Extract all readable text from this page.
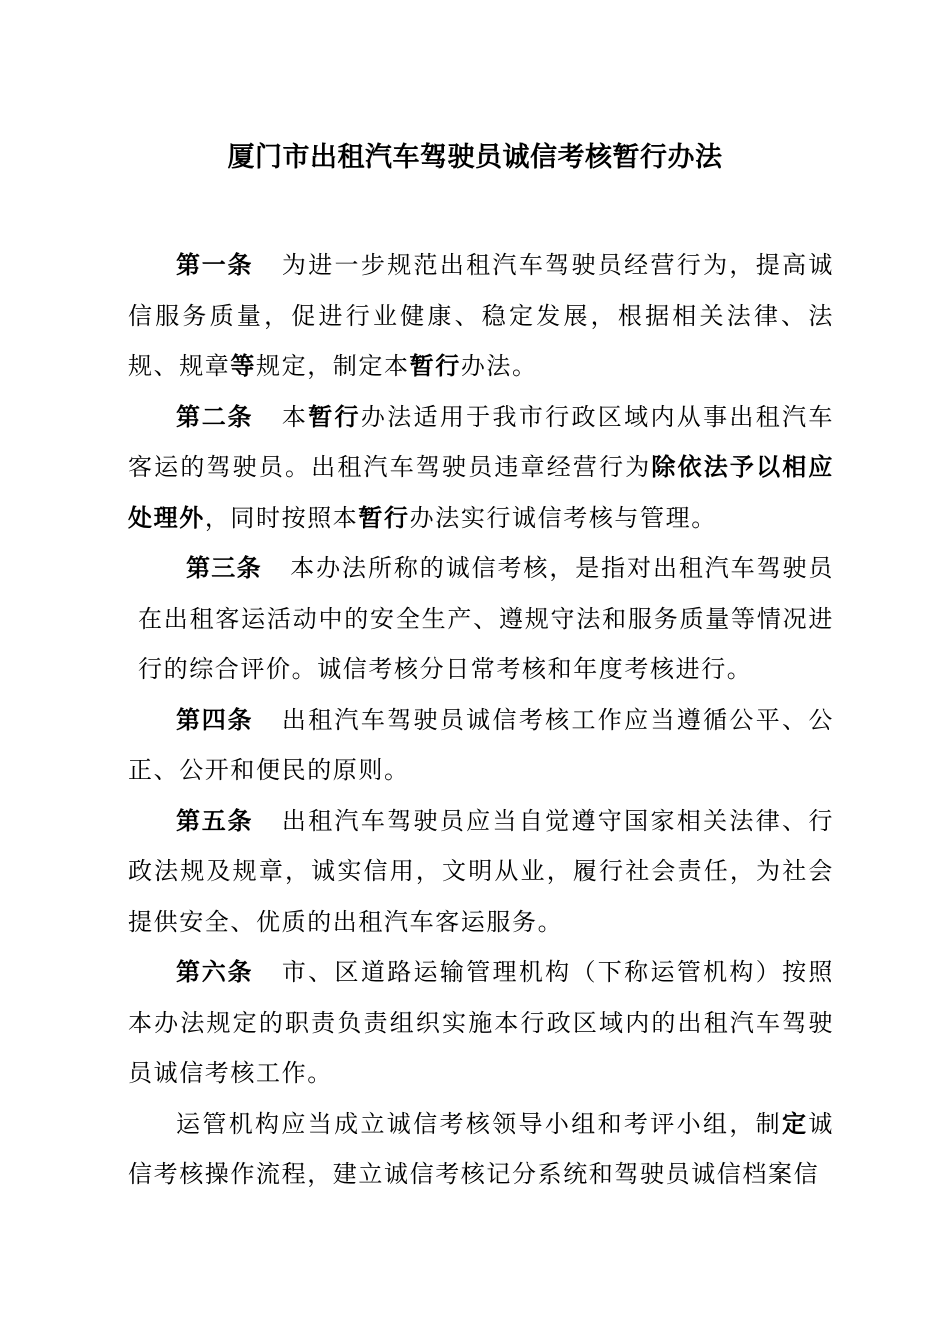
厦门市出租汽车驾驶员诚信考核暂行办法

第一条 为进一步规范出租汽车驾驶员经营行为，提高诚信服务质量，促进行业健康、稳定发展，根据相关法律、法规、规章等规定，制定本暂行办法。

第二条 本暂行办法适用于我市行政区域内从事出租汽车客运的驾驶员。出租汽车驾驶员违章经营行为除依法予以相应处理外，同时按照本暂行办法实行诚信考核与管理。

第三条 本办法所称的诚信考核，是指对出租汽车驾驶员在出租客运活动中的安全生产、遵规守法和服务质量等情况进行的综合评价。诚信考核分日常考核和年度考核进行。

第四条 出租汽车驾驶员诚信考核工作应当遵循公平、公正、公开和便民的原则。

第五条 出租汽车驾驶员应当自觉遵守国家相关法律、行政法规及规章，诚实信用，文明从业，履行社会责任，为社会提供安全、优质的出租汽车客运服务。

第六条 市、区道路运输管理机构（下称运管机构）按照本办法规定的职责负责组织实施本行政区域内的出租汽车驾驶员诚信考核工作。

运管机构应当成立诚信考核领导小组和考评小组，制定诚信考核操作流程，建立诚信考核记分系统和驾驶员诚信档案信
